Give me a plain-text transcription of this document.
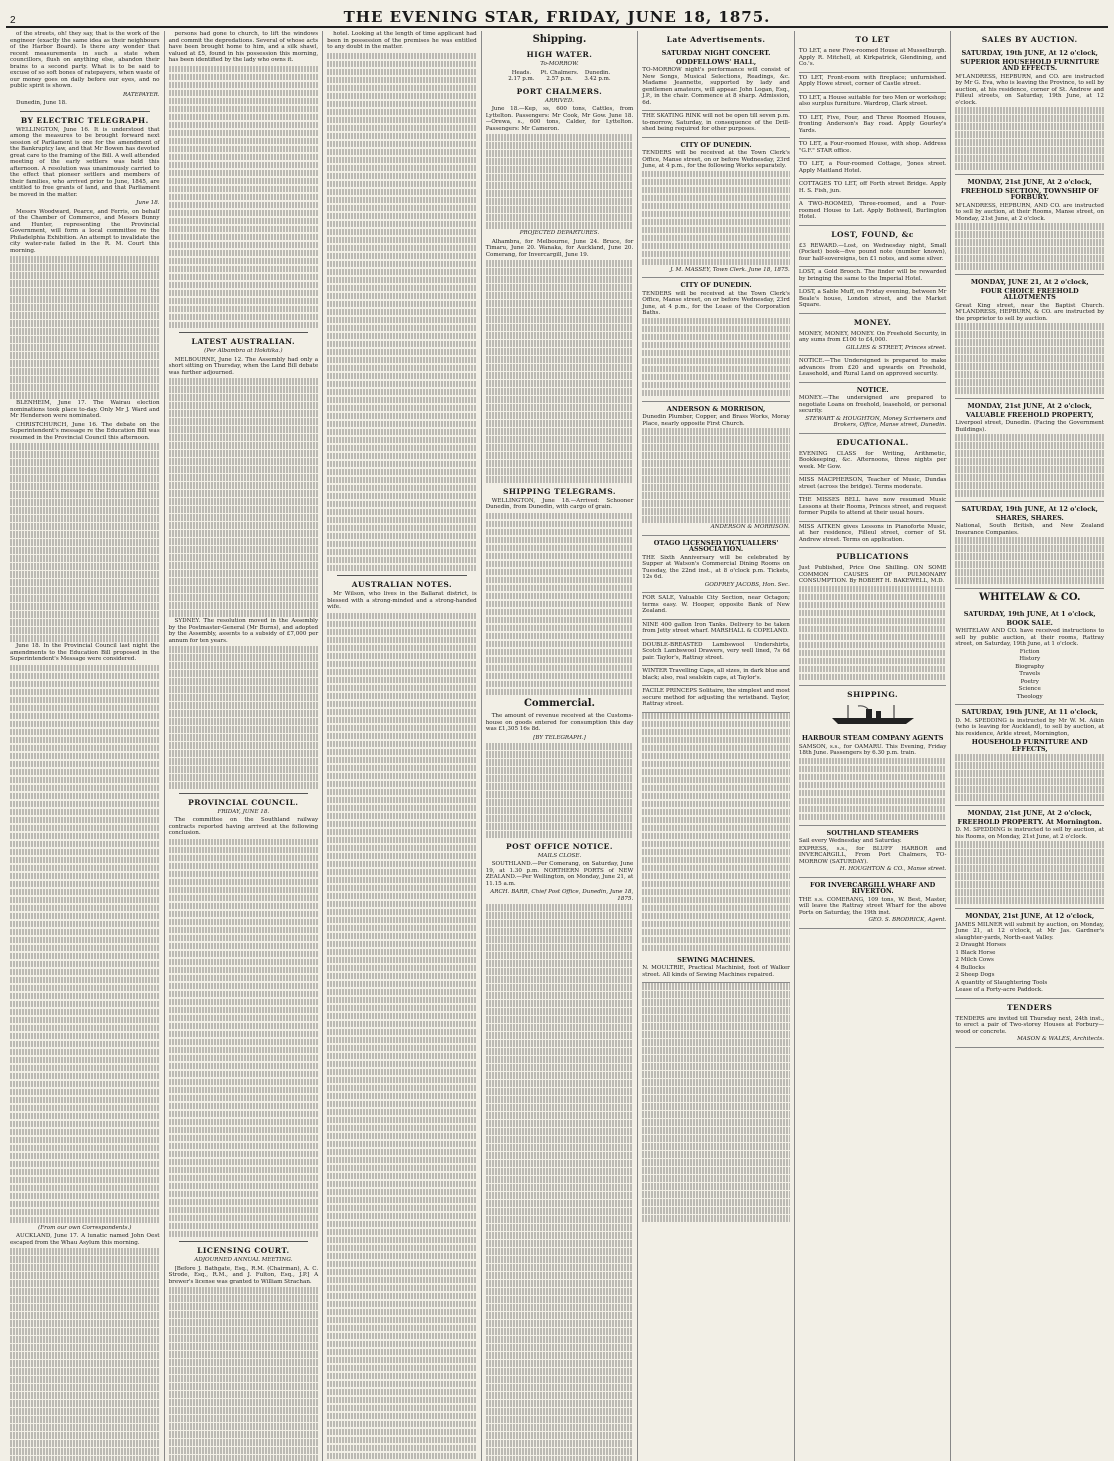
2	THE EVENING STAR, FRIDAY, JUNE 18, 1875.

of the streets, oh! they say, that is the work of the engineer (exactly the same idea as their neighbours of the Harbor Board). Is there any wonder that recent measurements in such a state when councillors, flush on anything else, abandon their brains to a second party. What is to be said to excuse of so soft bones of ratepayers, when waste of our money goes on daily before our eyes, and no public spirit is shown.

RATEPAYER.

Dunedin, June 18.

BY ELECTRIC TELEGRAPH.

WELLINGTON, June 16. It is understood that among the measures to be brought forward next session of Parliament is one for the amendment of the Bankruptcy law, and that Mr Bowen has devoted great care to the framing of the Bill. A well attended meeting of the early settlers was held this afternoon. A resolution was unanimously carried to the effect that pioneer settlers and members of their families, who arrived prior to June, 1845, are entitled to free grants of land, and that Parliament be moved in the matter.

June 18.

Messrs Woodward, Pearce, and Ferris, on behalf of the Chamber of Commerce, and Messrs Bunny and Hunter, representing the Provincial Government, will form a local committee re the Philadelphia Exhibition. An attempt to invalidate the city water-rate failed in the R. M. Court this morning.

BLENHEIM, June 17. The Wairau election nominations took place to-day. Only Mr J. Ward and Mr Henderson were nominated.

CHRISTCHURCH, June 16. The debate on the Superintendent's message re the Education Bill was resumed in the Provincial Council this afternoon.

June 18. In the Provincial Council last night the amendments to the Education Bill proposed in the Superintendent's Message were considered.

(From our own Correspondents.)

AUCKLAND, June 17. A lunatic named John Oest escaped from the Whau Asylum this morning.

persons had gone to church, to lift the windows and commit the depredations. Several of whose acts have been brought home to him, and a silk shawl, valued at £5, found in his possession this morning, has been identified by the lady who owns it.

LATEST AUSTRALIAN.

(Per Albambra at Hokitika.)

MELBOURNE, June 12. The Assembly had only a short sitting on Thursday, when the Land Bill debate was further adjourned.

SYDNEY. The resolution moved in the Assembly by the Postmaster-General (Mr Burns), and adopted by the Assembly, assents to a subsidy of £7,000 per annum for ten years.

PROVINCIAL COUNCIL.

FRIDAY, JUNE 18.

The committee on the Southland railway contracts reported having arrived at the following conclusion.

LICENSING COURT.

ADJOURNED ANNUAL MEETING.

[Before J. Bathgate, Esq., R.M. (Chairman), A. C. Strode, Esq., R.M., and J. Fulton, Esq., J.P.] A brewer's license was granted to William Strachan.

hotel. Looking at the length of time applicant had been in possession of the premises he was entitled to any doubt in the matter.

AUSTRALIAN NOTES.

Mr Wilson, who lives in the Ballarat district, is blessed with a strong-minded and a strong-handed wife.

Shipping.
HIGH WATER.

To-MORROW.

Heads.
2.17 p.m.
Pt. Chalmers.
2.57 p.m.
Dunedin.
3.42 p.m.
PORT CHALMERS.

ARRIVED.

June 18.—Kep, ss, 600 tons, Cattles, from Lyttelton. Passengers: Mr Cook, Mr Gow. June 18.—Orewa, s., 600 tons, Calder, for Lyttelton. Passengers: Mr Cameron.

PROJECTED DEPARTURES.

Alhambra, for Melbourne, June 24. Bruce, for Timaru, June 20. Wanaka, for Auckland, June 20. Comerang, for Invercargill, June 19.

SHIPPING TELEGRAMS.

WELLINGTON, June 18.—Arrived: Schooner Dunedin, from Dunedin, with cargo of grain.

Commercial.

The amount of revenue received at the Customs-house on goods entered for consumption this day was £1,305 16s 8d.

[BY TELEGRAPH.]

POST OFFICE NOTICE.

MAILS CLOSE.

SOUTHLAND.—Per Comerang, on Saturday, June 19, at 1.30 p.m. NORTHERN PORTS of NEW ZEALAND.—Per Wellington, on Monday, June 21, at 11.15 a.m.

ARCH. BARR, Chief Post Office, Dunedin, June 18, 1875.

Late Advertisements.
SATURDAY NIGHT CONCERT.
ODDFELLOWS' HALL,

TO-MORROW night's performance will consist of New Songs, Musical Selections, Readings, &c. Madame Jeannette, supported by lady and gentlemen amateurs, will appear. John Logan, Esq., J.P., in the chair. Commence at 8 sharp. Admission, 6d.

THE SKATING RINK will not be open till seven p.m. to-morrow, Saturday, in consequence of the Drill-shed being required for other purposes.

CITY OF DUNEDIN.

TENDERS will be received at the Town Clerk's Office, Manse street, on or before Wednesday, 23rd June, at 4 p.m., for the following Works separately.

J. M. MASSEY, Town Clerk. June 18, 1875.

CITY OF DUNEDIN.

TENDERS will be received at the Town Clerk's Office, Manse street, on or before Wednesday, 23rd June, at 4 p.m., for the Lease of the Corporation Baths.

ANDERSON & MORRISON,

Dunedin Plumber, Copper, and Brass Works, Moray Place, nearly opposite First Church.

ANDERSON & MORRISON.

OTAGO LICENSED VICTUALLERS' ASSOCIATION.

THE Sixth Anniversary will be celebrated by Supper at Watson's Commercial Dining Rooms on Tuesday, the 22nd inst., at 8 o'clock p.m. Tickets, 12s 6d.

GODFREY JACOBS, Hon. Sec.

FOR SALE, Valuable City Section, near Octagon; terms easy. W. Hooper, opposite Bank of New Zealand.

NINE 400 gallon Iron Tanks. Delivery to be taken from Jetty street wharf. MARSHALL & COPELAND.

DOUBLE-BREASTED Lambswool Undershirts, Scotch Lambswool Drawers, very well lined, 7s 6d pair. Taylor's, Rattray street.

WINTER Travelling Caps, all sizes, in dark blue and black; also, real sealskin caps, at Taylor's.

FACILE PRINCEPS Solitaire, the simplest and most secure method for adjusting the wristband. Taylor, Rattray street.

SEWING MACHINES.

N. MOULTRIE, Practical Machinist, foot of Walker street. All kinds of Sewing Machines repaired.

TO LET

TO LET, a new Five-roomed House at Musselburgh. Apply R. Mitchell, at Kirkpatrick, Glendining, and Co.'s.

TO LET, Front-room with fireplace; unfurnished. Apply Howe street, corner of Castle street.

TO LET, a House suitable for two Men or workshop; also surplus furniture. Wardrop, Clark street.

TO LET, Five, Four, and Three Roomed Houses, fronting Anderson's Bay road. Apply Gourley's Yards.

TO LET, a Four-roomed House, with shop. Address "G.F." STAR office.

TO LET, a Four-roomed Cottage, 'Jones street. Apply Maitland Hotel.

COTTAGES TO LET, off Forth street Bridge. Apply H. S. Fish, jun.

A TWO-ROOMED, Three-roomed, and a Four-roomed House to Let. Apply Bothwell, Burlington Hotel.

LOST, FOUND, &c

£3 REWARD.—Lost, on Wednesday night, Small (Pocket) book—five pound note (number known), four half-sovereigns, ten £1 notes, and some silver.

LOST, a Gold Brooch. The finder will be rewarded by bringing the same to the Imperial Hotel.

LOST, a Sable Muff, on Friday evening, between Mr Beale's house, London street, and the Market Square.

MONEY.

MONEY, MONEY, MONEY. On Freehold Security, in any sums from £100 to £4,000.

GILLIES & STREET, Princes street.

NOTICE.—The Undersigned is prepared to make advances from £20 and upwards on Freehold, Leasehold, and Rural Land on approved security.

NOTICE.

MONEY.—The undersigned are prepared to negotiate Loans on freehold, leasehold, or personal security.

STEWART & HOUGHTON, Money Scriveners and Brokers, Office, Manse street, Dunedin.

EDUCATIONAL.

EVENING CLASS for Writing, Arithmetic, Bookkeeping, &c. Afternoons, three nights per week. Mr Gow.

MISS MACPHERSON, Teacher of Music, Dundas street (across the bridge). Terms moderate.

THE MISSES BELL have now resumed Music Lessons at their Rooms, Princes street, and request former Pupils to attend at their usual hours.

MISS AITKEN gives Lessons in Pianoforte Music, at her residence, Filleul street, corner of St. Andrew street. Terms on application.

PUBLICATIONS

Just Published, Price One Shilling. ON SOME COMMON CAUSES OF PULMONARY CONSUMPTION. By ROBERT H. BAKEWELL, M.D.

SHIPPING.
HARBOUR STEAM COMPANY AGENTS

SAMSON, s.s., for OAMARU. This Evening, Friday 18th June. Passengers by 6.30 p.m. train.

SOUTHLAND STEAMERS

Sail every Wednesday and Saturday.

EXPRESS, s.s., for BLUFF HARBOR and INVERCARGILL, From Port Chalmers, TO-MORROW (SATURDAY).

H. HOUGHTON & CO., Manse street.

FOR INVERCARGILL WHARF AND RIVERTON.

THE s.s. COMERANG, 109 tons, W. Best, Master, will leave the Rattray street Wharf for the above Ports on Saturday, the 19th inst.

GEO. S. BRODRICK, Agent.

SALES BY AUCTION.
SATURDAY, 19th JUNE, At 12 o'clock,
SUPERIOR HOUSEHOLD FURNITURE AND EFFECTS.

M'LANDRESS, HEPBURN, and CO. are instructed by Mr G. Eva, who is leaving the Province, to sell by auction, at his residence, corner of St. Andrew and Filleul streets, on Saturday, 19th June, at 12 o'clock.

MONDAY, 21st JUNE, At 2 o'clock,
FREEHOLD SECTION, TOWNSHIP OF FORBURY.

M'LANDRESS, HEPBURN, AND CO. are instructed to sell by auction, at their Rooms, Manse street, on Monday, 21st June, at 2 o'clock.

MONDAY, JUNE 21, At 2 o'clock,
FOUR CHOICE FREEHOLD ALLOTMENTS

Great King street, near the Baptist Church. M'LANDRESS, HEPBURN, & CO. are instructed by the proprietor to sell by auction.

MONDAY, 21st JUNE, At 2 o'clock,
VALUABLE FREEHOLD PROPERTY,

Liverpool street, Dunedin. (Facing the Government Buildings).

SATURDAY, 19th JUNE, At 12 o'clock,
SHARES, SHARES.

National, South British, and New Zealand Insurance Companies.

WHITELAW & CO.
SATURDAY, 19th JUNE, At 1 o'clock,
BOOK SALE.

WHITELAW AND CO. have received instructions to sell by public auction, at their rooms, Rattray street, on Saturday, 19th June, at 1 o'clock.

Fiction

History

Biography

Travels

Poetry

Science

Theology

SATURDAY, 19th JUNE, At 11 o'clock,

D. M. SPEDDING is instructed by Mr W. M. Aikin (who is leaving for Auckland), to sell by auction, at his residence, Arkle street, Mornington,

HOUSEHOLD FURNITURE AND EFFECTS,
MONDAY, 21st JUNE, At 2 o'clock,
FREEHOLD PROPERTY. At Mornington.

D. M. SPEDDING is instructed to sell by auction, at his Rooms, on Monday, 21st June, at 2 o'clock.

MONDAY, 21st JUNE, At 12 o'clock,

JAMES MILNER will submit by auction, on Monday, June 21, at 12 o'clock, at Mr Jas. Gardner's slaughter-yards, North-east Valley.

2 Draught Horses

1 Black Horse

2 Milch Cows

4 Bullocks

2 Sheep Dogs

A quantity of Slaughtering Tools

Lease of a Forty-acre Paddock.

TENDERS

TENDERS are invited till Thursday next, 24th inst., to erect a pair of Two-storey Houses at Forbury—wood or concrete.

MASON & WALES, Architects.
